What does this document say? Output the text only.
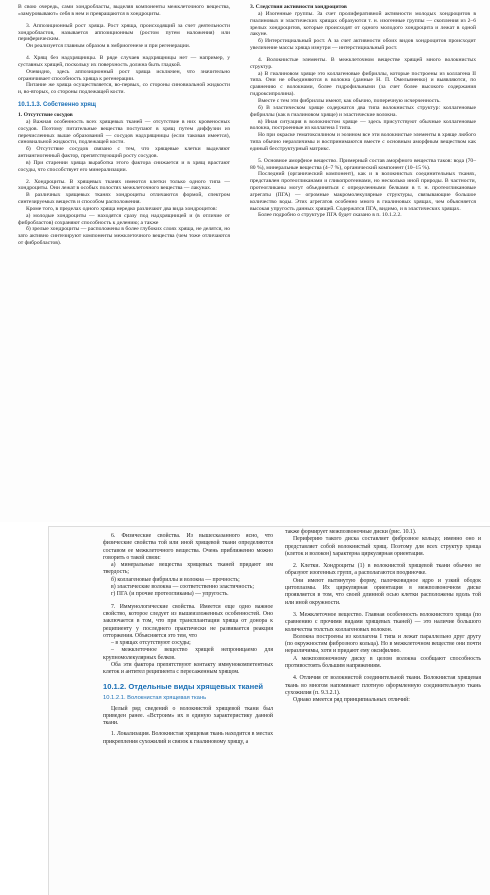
В свою очередь, сами хондробласты, выделяя компоненты межклеточного вещества, «замуровывают» себя в нем и превращаются в хондроциты.

3. Аппозиционный рост хряща. Рост хряща, происходящий за счет деятельности хондробластов, называется аппозиционным (ростом путем наложения) или периферическим.

Он реализуется главным образом в эмбриогенезе и при регенерации.

4. Хрящ без надхрящницы. В ряде случаев надхрящницы нет — например, у суставных хрящей, поскольку их поверхность должна быть гладкой.

Очевидно, здесь аппозиционный рост хряща исключен, что значительно ограничивает способность хряща к регенерации.

Питание же хряща осуществляется, во-первых, со стороны синовиальной жидкости и, во-вторых, со стороны подлежащей кости.

10.1.1.3. Собственно хрящ

1. Отсутствие сосудов

а) Важная особенность всех хрящевых тканей — отсутствие в них кровеносных сосудов. Поэтому питательные вещества поступают в хрящ путем диффузии из перечисленных выше образований — сосудов надхрящницы (если таковая имеется), синовиальной жидкости, подлежащей кости.

б) Отсутствие сосудов связано с тем, что хрящевые клетки выделяют антиангиогенный фактор, препятствующий росту сосудов.

в) При старении хряща выработка этого фактора снижается и в хрящ врастают сосуды, что способствует его минерализации.

2. Хондроциты. В хрящевых тканях имеются клетки только одного типа — хондроциты. Они лежат в особых полостях межклеточного вещества — лакунах.

В различных хрящевых тканях хондроциты отличаются формой, спектром синтезируемых веществ и способом расположения.

Кроме того, в пределах одного хряща нередко различают два вида хондроцитов:

а) молодые хондроциты — находятся сразу под надхрящницей и (в отличие от фибробластов) сохраняют способность к делению; а также

б) зрелые хондроциты — расположены в более глубоких слоях хряща, не делятся, но зато активно синтезируют компоненты межклеточного вещества (чем тоже отличаются от фибробластов).

3. Следствия активности хондроцитов

а) Изогенные группы. За счет пролиферативной активности молодых хондроцитов в гиалиновых и эластических хрящах образуются т. н. изогенные группы — скопления из 2–6 зрелых хондроцитов, которые происходят от одного молодого хондроцита и лежат в одной лакуне.

б) Интерстициальный рост. А за счет активности обоих видов хондроцитов происходит увеличение массы хряща изнутри — интерстициальный рост.

4. Волокнистые элементы. В межклеточном веществе хрящей много волокнистых структур.

а) В гиалиновом хряще это коллагеновые фибриллы, которые построены из коллагена II типа. Они не объединяются в волокна (данные Н. П. Омельяненко) и выявляются, по сравнению с волокнами, более гидрофильными (за счет более высокого содержания гидроксипролина).

Вместе с тем эти фибриллы имеют, как обычно, поперечную исчерченность.

б) В эластическом хряще содержатся два типа волокнистых структур: коллагеновые фибриллы (как в гиалиновом хряще) и эластические волокна.

в) Иная ситуация в волокнистом хряще — здесь присутствуют обычные коллагеновые волокна, построенные из коллагена I типа.

Но при окраске гематоксилином и эозином все эти волокнистые элементы в хряще любого типа обычно неразличимы и воспринимаются вместе с основным аморфным веществом как единый бесструктурный матрикс.

5. Основное аморфное вещество. Примерный состав аморфного вещества таков: вода (70–80 %), минеральные вещества (4–7 %), органический компонент (10–15 %).

Последний (органический компонент), как и в волокнистых соединительных тканях, представлен протеогликанами и гликопротеинами, но несколько иной природы. В частности, протеогликаны могут объединяться с определенными белками в т. н. протеогликановые агрегаты (ПГА) — огромные макромолекулярные структуры, связывающие большое количество воды. Этих агрегатов особенно много в гиалиновых хрящах, чем объясняется высокая упругость данных хрящей. Содержатся ПГА, видимо, и в эластических хрящах.

Более подробно о структуре ПГА будет сказано в п. 10.1.2.2.

6. Физические свойства. Из вышесказанного ясно, что физические свойства той или иной хрящевой ткани определяются составом ее межклеточного вещества. Очень приближенно можно говорить о такой связи:

а) минеральные вещества хрящевых тканей придают им твердость;

б) коллагеновые фибриллы и волокна — прочность;

в) эластические волокна — соответственно эластичность;

г) ПГА (и прочие протеогликаны) — упругость.

7. Иммунологические свойства. Имеется еще одно важное свойство, которое следует из вышеизложенных особенностей. Оно заключается в том, что при трансплантации хряща от донора к реципиенту у последнего практически не развивается реакция отторжения. Объясняется это тем, что

– в хрящах отсутствуют сосуды;

– межклеточное вещество хрящей непроницаемо для крупномолекулярных белков.

Оба эти фактора препятствуют контакту иммунокомпетентных клеток и антител реципиента с пересаженным хрящом.

10.1.2. Отдельные виды хрящевых тканей

10.1.2.1. Волокнистая хрящевая ткань

Целый ряд сведений о волокнистой хрящевой ткани был приведен ранее. «Встроим» их в единую характеристику данной ткани.

1. Локализация. Волокнистая хрящевая ткань находится в местах прикрепления сухожилий и связок к гиалиновому хрящу, а

также формирует межпозвоночные диски (рис. 10.1).

Периферию такого диска составляет фиброзное кольцо; именно оно и представляет собой волокнистый хрящ. Поэтому для всех структур хряща (клеток и волокон) характерна циркулярная ориентация.

2. Клетки. Хондроциты (1) в волокнистой хрящевой ткани обычно не образуют изогенных групп, а располагаются поодиночке.

Они имеют вытянутую форму, палочковидное ядро и узкий ободок цитоплазмы. Их циркулярная ориентация в межпозвоночном диске проявляется в том, что своей длинной осью клетки расположены вдоль той или иной окружности.

3. Межклеточное вещество. Главная особенность волокнистого хряща (по сравнению с прочими видами хрящевых тканей) — это наличие большого количества толстых коллагеновых волокон.

Волокна построены из коллагена I типа и лежат параллельно друг другу (по окружностям фиброзного кольца). Но в межклеточном веществе они почти неразличимы, хотя и придают ему оксифилию.

А межпозвоночному диску в целом волокна сообщают способность противостоять большим напряжениям.

4. Отличия от волокнистой соединительной ткани. Волокнистая хрящевая ткань во многом напоминает плотную оформленную соединительную ткань сухожилия (п. 9.3.2.1).

Однако имеется ряд принципиальных отличий:
